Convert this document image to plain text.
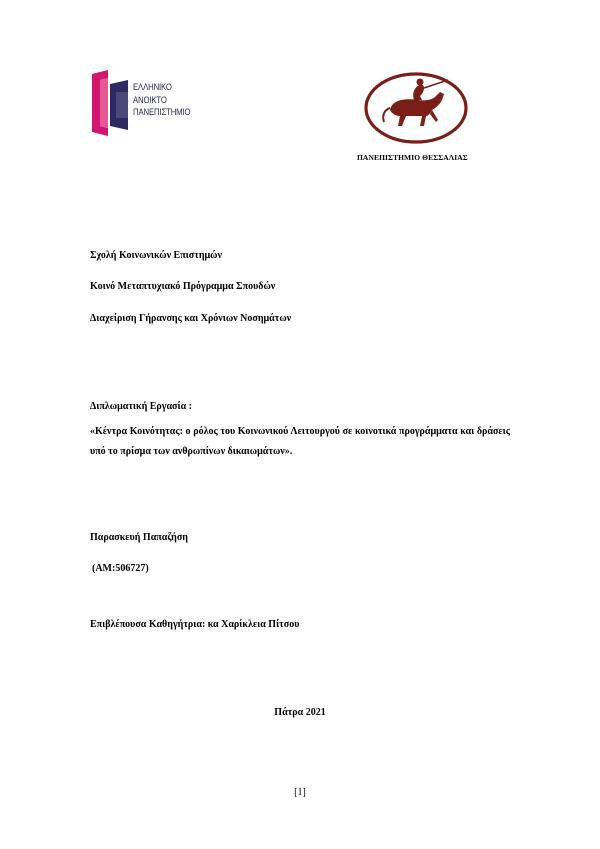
ΕΛΛΗΝΙΚΟ
ΑΝΟΙΚΤΟ
ΠΑΝΕΠΙΣΤΗΜΙΟ
ΠΑΝΕΠΙΣΤΗΜΙΟ ΘΕΣΣΑΛΙΑΣ
Σχολή Κοινωνικών Επιστημών
Κοινό Μεταπτυχιακό Πρόγραμμα Σπουδών
Διαχείριση Γήρανσης και Χρόνιων Νοσημάτων
Διπλωματική Εργασία :
«Κέντρα Κοινότητας: ο ρόλος του Κοινωνικού Λειτουργού σε κοινοτικά προγράμματα και δράσεις υπό το πρίσμα των ανθρωπίνων δικαιωμάτων».
Παρασκευή Παπαζήση
(ΑΜ:506727)
Επιβλέπουσα Καθηγήτρια: κα Χαρίκλεια Πίτσου
Πάτρα 2021
[1]
